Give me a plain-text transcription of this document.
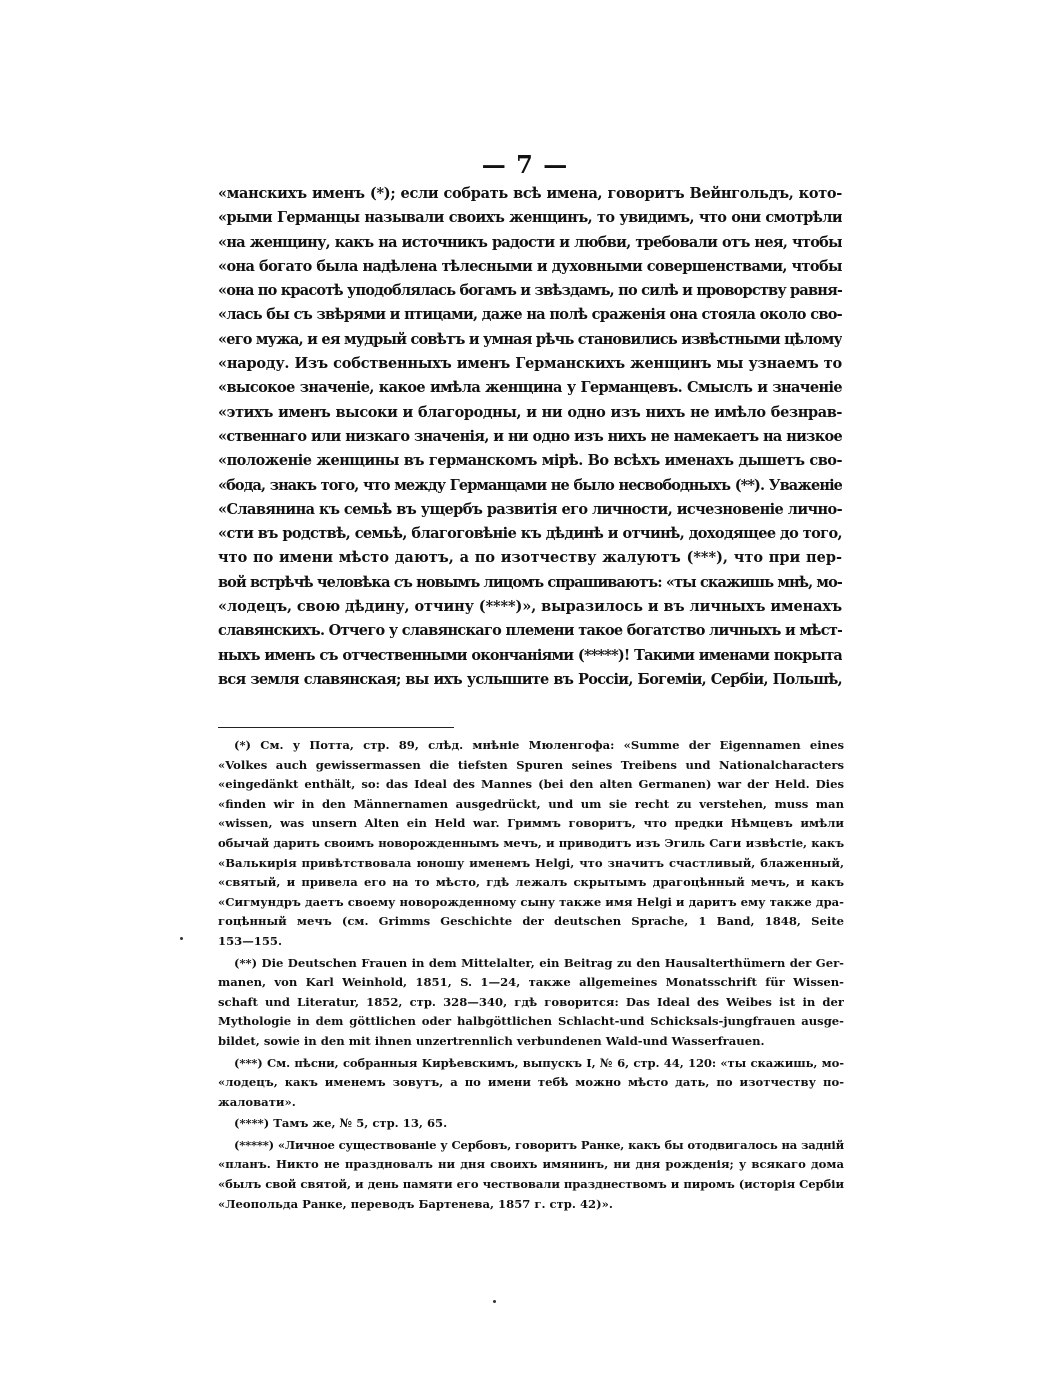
— 7 —
«манскихъ именъ (*); если собрать всѣ имена, говоритъ Вейнгольдъ, кото-
«рыми Германцы называли своихъ женщинъ, то увидимъ, что они смотрѣли
«на женщину, какъ на источникъ радости и любви, требовали отъ нея, чтобы
«она богато была надѣлена тѣлесными и духовными совершенствами, чтобы
«она по красотѣ уподоблялась богамъ и звѣздамъ, по силѣ и проворству равня-
«лась бы съ звѣрями и птицами, даже на полѣ сраженія она стояла около сво-
«его мужа, и ея мудрый совѣтъ и умная рѣчь становились извѣстными цѣлому
«народу. Изъ собственныхъ именъ Германскихъ женщинъ мы узнаемъ то
«высокое значеніе, какое имѣла женщина у Германцевъ. Смыслъ и значеніе
«этихъ именъ высоки и благородны, и ни одно изъ нихъ не имѣло безнрав-
«ственнаго или низкаго значенія, и ни одно изъ нихъ не намекаетъ на низкое
«положеніе женщины въ германскомъ мірѣ. Во всѣхъ именахъ дышетъ сво-
«бода, знакъ того, что между Германцами не было несвободныхъ (**). Уваженіе
«Славянина къ семьѣ въ ущербъ развитія его личности, исчезновеніе лично-
«сти въ родствѣ, семьѣ, благоговѣніе къ дѣдинѣ и отчинѣ, доходящее до того,
что по имени мѣсто даютъ, а по изотчеству жалуютъ (***), что при пер-
вой встрѣчѣ человѣка съ новымъ лицомъ спрашиваютъ: «ты скажишь мнѣ, мо-
«лодецъ, свою дѣдину, отчину (****)», выразилось и въ личныхъ именахъ
славянскихъ. Отчего у славянскаго племени такое богатство личныхъ и мѣст-
ныхъ именъ съ отчественными окончаніями (*****)! Такими именами покрыта
вся земля славянская; вы ихъ услышите въ Россіи, Богеміи, Сербіи, Польшѣ,
(*) См. у Потта, стр. 89, слѣд. мнѣніе Мюленгофа: «Summe der Eigennamen eines
«Volkes auch gewissermassen die tiefsten Spuren seines Treibens und Nationalcharacters
«eingedänkt enthält, so: das Ideal des Mannes (bei den alten Germanen) war der Held. Dies
«finden wir in den Männernamen ausgedrückt, und um sie recht zu verstehen, muss man
«wissen, was unsern Alten ein Held war. Гриммъ говоритъ, что предки Нѣмцевъ имѣли
обычай дарить своимъ новорожденнымъ мечъ, и приводитъ изъ Эгиль Саги извѣстіе, какъ
«Валькирія привѣтствовала юношу именемъ Helgi, что значитъ счастливый, блаженный,
«святый, и привела его на то мѣсто, гдѣ лежалъ скрытымъ драгоцѣнный мечъ, и какъ
«Сигмундръ даетъ своему новорожденному сыну также имя Helgi и даритъ ему также дра-
гоцѣнный мечъ (см. Grimms Geschichte der deutschen Sprache, 1 Band, 1848, Seite
153—155.
(**) Die Deutschen Frauen in dem Mittelalter, ein Beitrag zu den Hausalterthümern der Ger-
manen, von Karl Weinhold, 1851, S. 1—24, также allgemeines Monatsschrift für Wissen-
schaft und Literatur, 1852, стр. 328—340, гдѣ говорится: Das Ideal des Weibes ist in der
Mythologie in dem göttlichen oder halbgöttlichen Schlacht-und Schicksals-jungfrauen ausge-
bildet, sowie in den mit ihnen unzertrennlich verbundenen Wald-und Wasserfrauen.
(***) См. пѣсни, собранныя Кирѣевскимъ, выпускъ I, № 6, стр. 44, 120: «ты скажишь, мо-
«лодецъ, какъ именемъ зовутъ, а по имени тебѣ можно мѣсто дать, по изотчеству по-
жаловати».
(****) Тамъ же, № 5, стр. 13, 65.
(*****) «Личное существованіе у Сербовъ, говоритъ Ранке, какъ бы отодвигалось на задній
«планъ. Никто не праздновалъ ни дня своихъ имянинъ, ни дня рожденія; у всякаго дома
«былъ свой святой, и день памяти его чествовали празднествомъ и пиромъ (исторія Сербіи
«Леопольда Ранке, переводъ Бартенева, 1857 г. стр. 42)».
